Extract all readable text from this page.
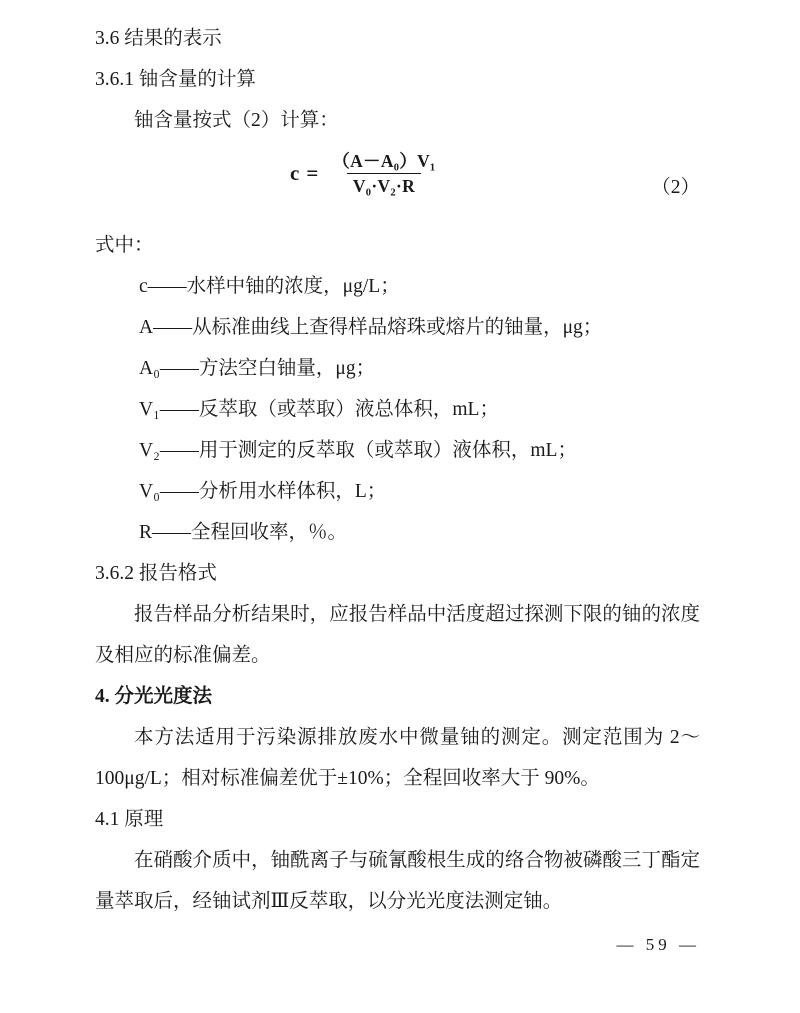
3.6 结果的表示
3.6.1 铀含量的计算
铀含量按式（2）计算：
$c = \frac{\text{（A－A₀）V₁}}{\text{V₀·V₂·R}}$	（2）
式中：
c——水样中铀的浓度，μg/L；
A——从标准曲线上查得样品熔珠或熔片的铀量，μg；
A₀——方法空白铀量，μg；
V₁——反萃取（或萃取）液总体积，mL；
V₂——用于测定的反萃取（或萃取）液体积，mL；
V₀——分析用水样体积，L；
R——全程回收率，％。
3.6.2 报告格式
报告样品分析结果时，应报告样品中活度超过探测下限的铀的浓度及相应的标准偏差。
4. 分光光度法
本方法适用于污染源排放废水中微量铀的测定。测定范围为 2～100μg/L；相对标准偏差优于±10%；全程回收率大于 90%。
4.1 原理
在硝酸介质中，铀酰离子与硫氰酸根生成的络合物被磷酸三丁酯定量萃取后，经铀试剂Ⅲ反萃取，以分光光度法测定铀。
— 59 —
